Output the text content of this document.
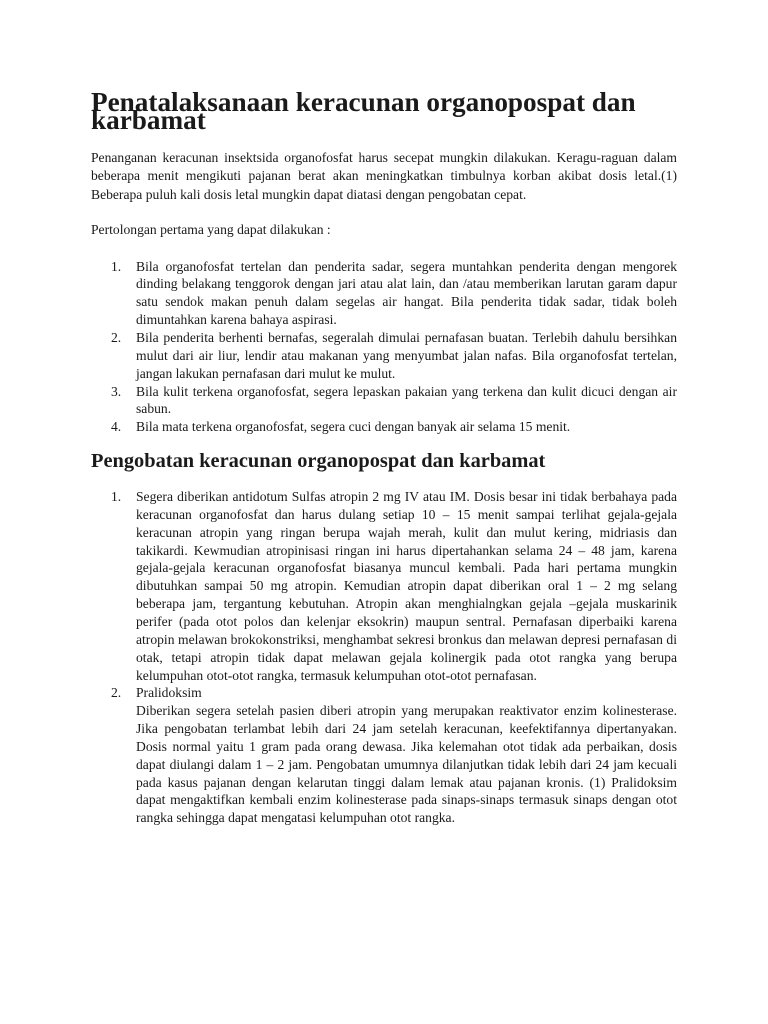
Penatalaksanaan keracunan organopospat dan karbamat

Penanganan keracunan insektsida organofosfat harus secepat mungkin dilakukan. Keragu-raguan dalam beberapa menit mengikuti pajanan berat akan meningkatkan timbulnya korban akibat dosis letal.(1) Beberapa puluh kali dosis letal mungkin dapat diatasi dengan pengobatan cepat.

Pertolongan pertama yang dapat dilakukan :

1. Bila organofosfat tertelan dan penderita sadar, segera muntahkan penderita dengan mengorek dinding belakang tenggorok dengan jari atau alat lain, dan /atau memberikan larutan garam dapur satu sendok makan penuh dalam segelas air hangat. Bila penderita tidak sadar, tidak boleh dimuntahkan karena bahaya aspirasi.
2. Bila penderita berhenti bernafas, segeralah dimulai pernafasan buatan. Terlebih dahulu bersihkan mulut dari air liur, lendir atau makanan yang menyumbat jalan nafas. Bila organofosfat tertelan, jangan lakukan pernafasan dari mulut ke mulut.
3. Bila kulit terkena organofosfat, segera lepaskan pakaian yang terkena dan kulit dicuci dengan air sabun.
4. Bila mata terkena organofosfat, segera cuci dengan banyak air selama 15 menit.
Pengobatan keracunan organopospat dan karbamat
1. Segera diberikan antidotum Sulfas atropin 2 mg IV atau IM. Dosis besar ini tidak berbahaya pada keracunan organofosfat dan harus dulang setiap 10 – 15 menit sampai terlihat gejala-gejala keracunan atropin yang ringan berupa wajah merah, kulit dan mulut kering, midriasis dan takikardi. Kewmudian atropinisasi ringan ini harus dipertahankan selama 24 – 48 jam, karena gejala-gejala keracunan organofosfat biasanya muncul kembali. Pada hari pertama mungkin dibutuhkan sampai 50 mg atropin. Kemudian atropin dapat diberikan oral 1 – 2 mg selang beberapa jam, tergantung kebutuhan. Atropin akan menghialngkan gejala –gejala muskarinik perifer (pada otot polos dan kelenjar eksokrin) maupun sentral. Pernafasan diperbaiki karena atropin melawan brokokonstriksi, menghambat sekresi bronkus dan melawan depresi pernafasan di otak, tetapi atropin tidak dapat melawan gejala kolinergik pada otot rangka yang berupa kelumpuhan otot-otot rangka, termasuk kelumpuhan otot-otot pernafasan.
2. Pralidoksim
Diberikan segera setelah pasien diberi atropin yang merupakan reaktivator enzim kolinesterase. Jika pengobatan terlambat lebih dari 24 jam setelah keracunan, keefektifannya dipertanyakan. Dosis normal yaitu 1 gram pada orang dewasa. Jika kelemahan otot tidak ada perbaikan, dosis dapat diulangi dalam 1 – 2 jam. Pengobatan umumnya dilanjutkan tidak lebih dari 24 jam kecuali pada kasus pajanan dengan kelarutan tinggi dalam lemak atau pajanan kronis. (1) Pralidoksim dapat mengaktifkan kembali enzim kolinesterase pada sinaps-sinaps termasuk sinaps dengan otot rangka sehingga dapat mengatasi kelumpuhan otot rangka.
